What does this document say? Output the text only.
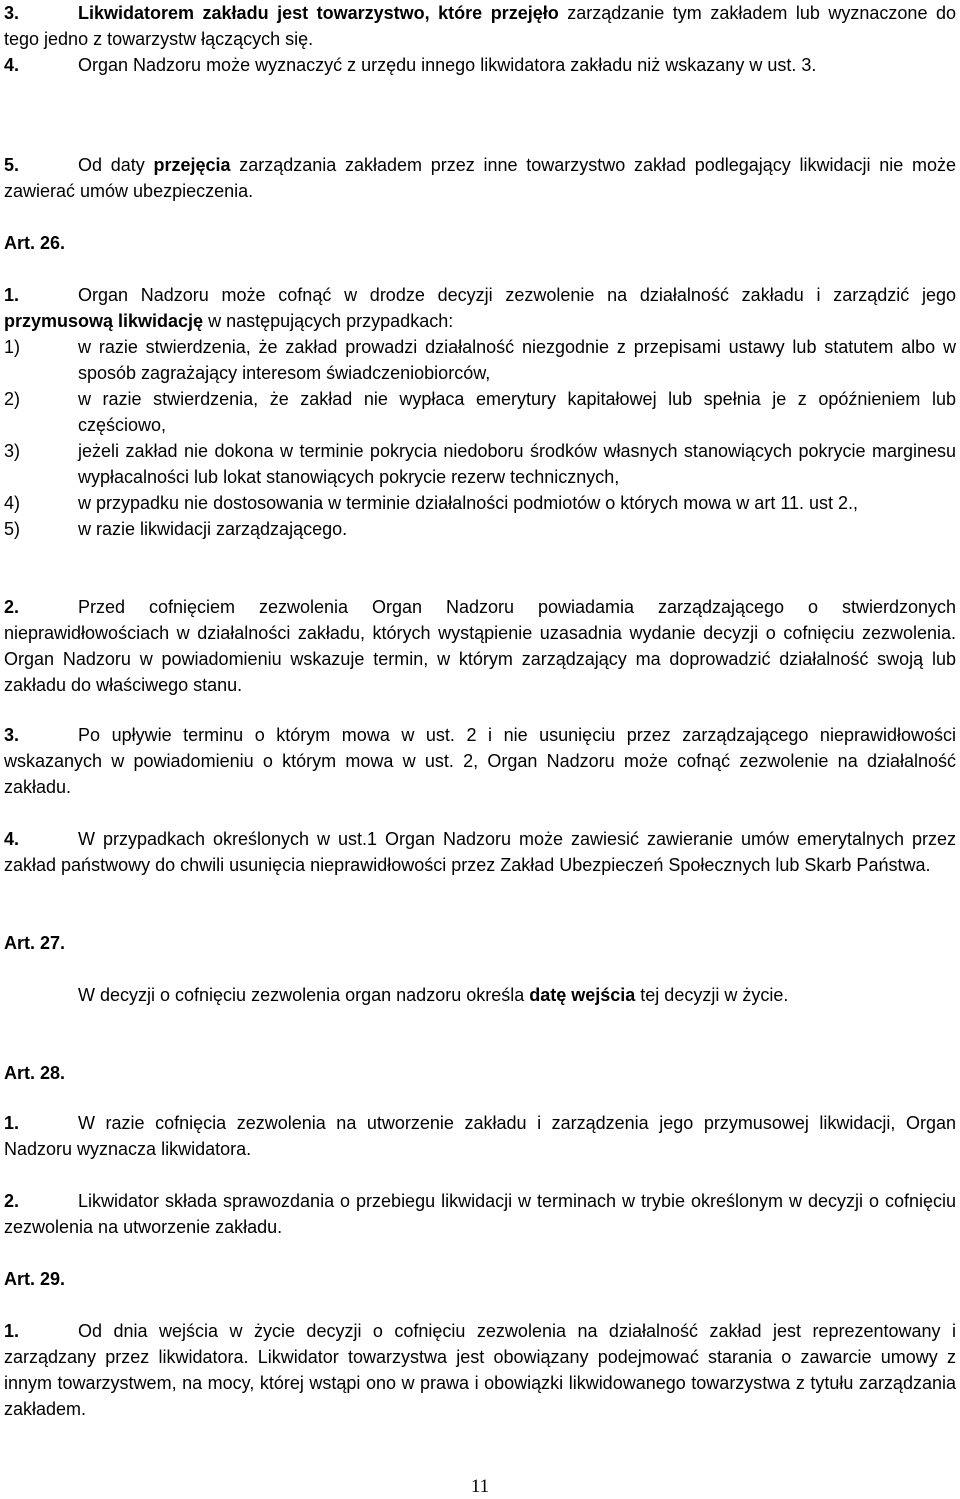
3.	Likwidatorem zakładu jest towarzystwo, które przejęło zarządzanie tym zakładem lub wyznaczone do tego jedno z towarzystw łączących się.

4.	Organ Nadzoru może wyznaczyć z urzędu innego likwidatora zakładu niż wskazany w ust. 3.

5.	Od daty przejęcia zarządzania zakładem przez inne towarzystwo zakład podlegający likwidacji nie może zawierać umów ubezpieczenia.

Art. 26.

1.	Organ Nadzoru może cofnąć w drodze decyzji zezwolenie na działalność zakładu i zarządzić jego przymusową likwidację w następujących przypadkach:

1)	w razie stwierdzenia, że zakład prowadzi działalność niezgodnie z przepisami ustawy lub statutem albo w sposób zagrażający interesom świadczeniobiorców,
2)	w razie stwierdzenia, że zakład nie wypłaca emerytury kapitałowej lub spełnia je z opóźnieniem lub częściowo,
3)	jeżeli zakład nie dokona w terminie pokrycia niedoboru środków własnych stanowiących pokrycie marginesu wypłacalności lub lokat stanowiących pokrycie rezerw technicznych,
4)	w przypadku nie dostosowania w terminie działalności podmiotów o których mowa w art 11. ust 2.,
5)	w razie likwidacji zarządzającego.

2.	Przed cofnięciem zezwolenia Organ Nadzoru powiadamia zarządzającego o stwierdzonych nieprawidłowościach w działalności zakładu, których wystąpienie uzasadnia wydanie decyzji o cofnięciu zezwolenia. Organ Nadzoru w powiadomieniu wskazuje termin, w którym zarządzający ma doprowadzić działalność swoją lub zakładu do właściwego stanu.

3.	Po upływie terminu o którym mowa w ust. 2 i nie usunięciu przez zarządzającego nieprawidłowości wskazanych w powiadomieniu o którym mowa w ust. 2, Organ Nadzoru może cofnąć zezwolenie na działalność zakładu.

4.	W przypadkach określonych w ust.1 Organ Nadzoru może zawiesić zawieranie umów emerytalnych przez zakład państwowy do chwili usunięcia nieprawidłowości przez Zakład Ubezpieczeń Społecznych lub Skarb Państwa.

Art. 27.

W decyzji o cofnięciu zezwolenia organ nadzoru określa datę wejścia tej decyzji w życie.

Art. 28.

1.	W razie cofnięcia zezwolenia na utworzenie zakładu i zarządzenia jego przymusowej likwidacji, Organ Nadzoru wyznacza likwidatora.

2.	Likwidator składa sprawozdania o przebiegu likwidacji w terminach w trybie określonym w decyzji o cofnięciu zezwolenia na utworzenie zakładu.

Art. 29.

1.	Od dnia wejścia w życie decyzji o cofnięciu zezwolenia na działalność zakład jest reprezentowany i zarządzany przez likwidatora. Likwidator towarzystwa jest obowiązany podejmować starania o zawarcie umowy z innym towarzystwem, na mocy, której wstąpi ono w prawa i obowiązki likwidowanego towarzystwa z tytułu zarządzania zakładem.

11
